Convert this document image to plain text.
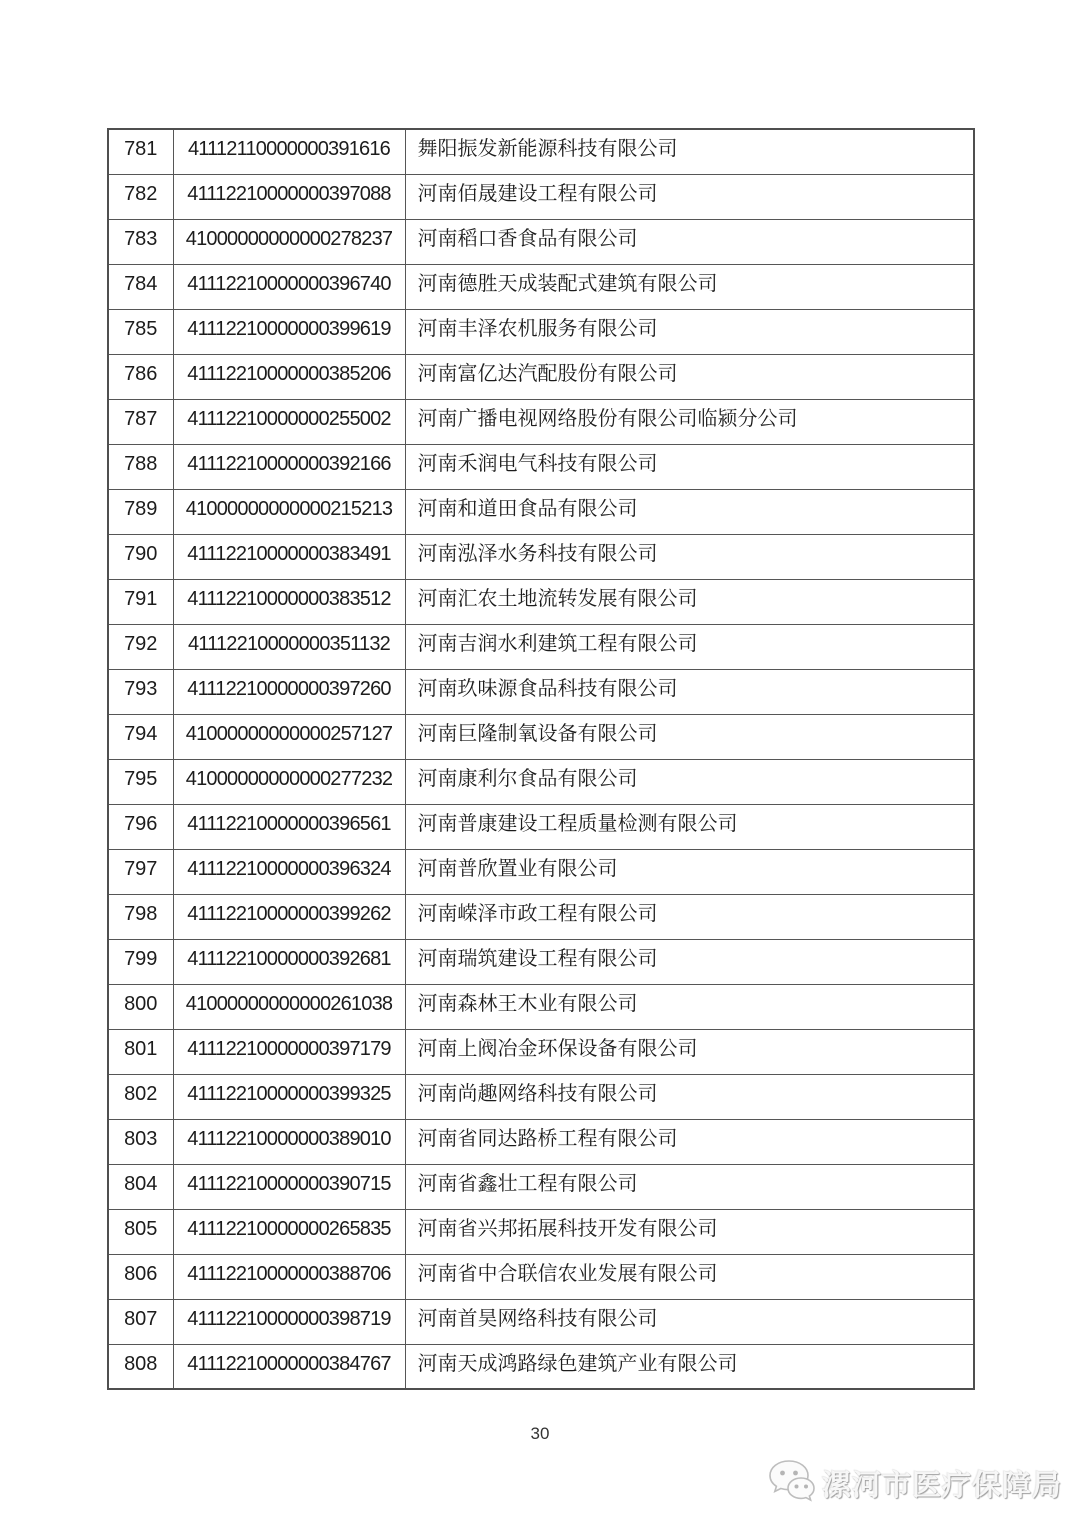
781	41112110000000391616	舞阳振发新能源科技有限公司
782	41112210000000397088	河南佰晟建设工程有限公司
783	41000000000000278237	河南稻口香食品有限公司
784	41112210000000396740	河南德胜天成装配式建筑有限公司
785	41112210000000399619	河南丰泽农机服务有限公司
786	41112210000000385206	河南富亿达汽配股份有限公司
787	41112210000000255002	河南广播电视网络股份有限公司临颍分公司
788	41112210000000392166	河南禾润电气科技有限公司
789	41000000000000215213	河南和道田食品有限公司
790	41112210000000383491	河南泓泽水务科技有限公司
791	41112210000000383512	河南汇农土地流转发展有限公司
792	41112210000000351132	河南吉润水利建筑工程有限公司
793	41112210000000397260	河南玖味源食品科技有限公司
794	41000000000000257127	河南巨隆制氧设备有限公司
795	41000000000000277232	河南康利尔食品有限公司
796	41112210000000396561	河南普康建设工程质量检测有限公司
797	41112210000000396324	河南普欣置业有限公司
798	41112210000000399262	河南嵘泽市政工程有限公司
799	41112210000000392681	河南瑞筑建设工程有限公司
800	41000000000000261038	河南森林王木业有限公司
801	41112210000000397179	河南上阀冶金环保设备有限公司
802	41112210000000399325	河南尚趣网络科技有限公司
803	41112210000000389010	河南省同达路桥工程有限公司
804	41112210000000390715	河南省鑫壮工程有限公司
805	41112210000000265835	河南省兴邦拓展科技开发有限公司
806	41112210000000388706	河南省中合联信农业发展有限公司
807	41112210000000398719	河南首昊网络科技有限公司
808	41112210000000384767	河南天成鸿路绿色建筑产业有限公司
30
漯河市医疗保障局
